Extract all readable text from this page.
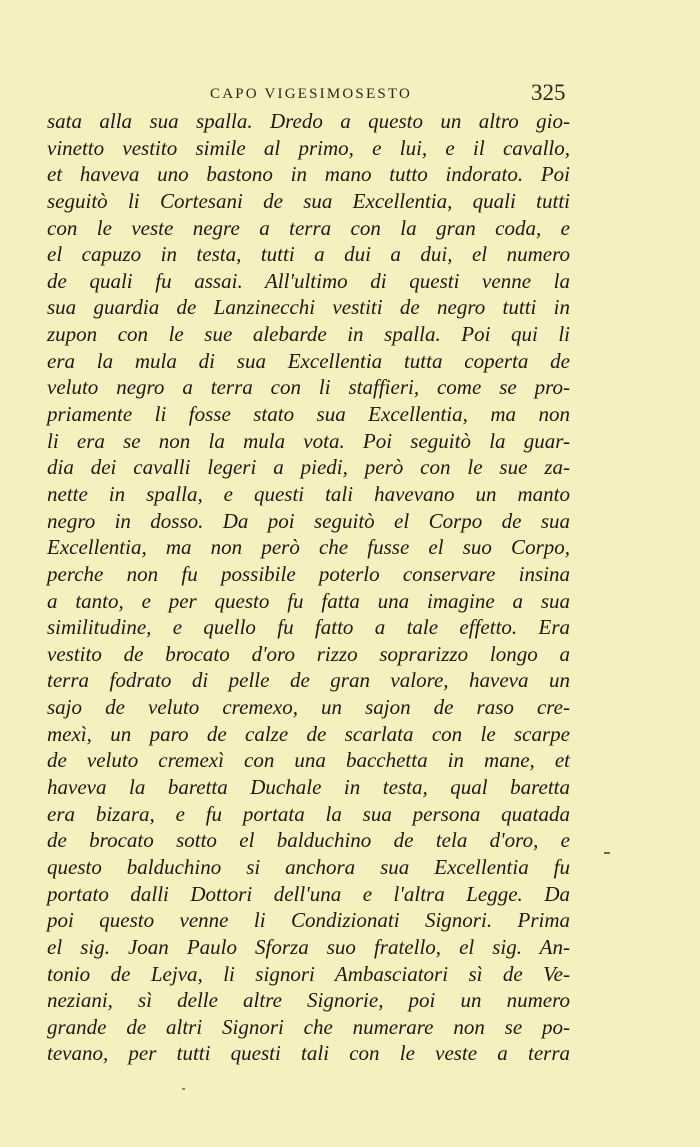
CAPO VIGESIMOSESTO	325
sata alla sua spalla. Dredo a questo un altro gio-
vinetto vestito simile al primo, e lui, e il cavallo,
et haveva uno bastono in mano tutto indorato. Poi
seguitò li Cortesani de sua Excellentia, quali tutti
con le veste negre a terra con la gran coda, e
el capuzo in testa, tutti a dui a dui, el numero
de quali fu assai. All'ultimo di questi venne la
sua guardia de Lanzinecchi vestiti de negro tutti in
zupon con le sue alebarde in spalla. Poi qui li
era la mula di sua Excellentia tutta coperta de
veluto negro a terra con li staffieri, come se pro-
priamente li fosse stato sua Excellentia, ma non
li era se non la mula vota. Poi seguitò la guar-
dia dei cavalli legeri a piedi, però con le sue za-
nette in spalla, e questi tali havevano un manto
negro in dosso. Da poi seguitò el Corpo de sua
Excellentia, ma non però che fusse el suo Corpo,
perche non fu possibile poterlo conservare insina
a tanto, e per questo fu fatta una imagine a sua
similitudine, e quello fu fatto a tale effetto. Era
vestito de brocato d'oro rizzo soprarizzo longo a
terra fodrato di pelle de gran valore, haveva un
sajo de veluto cremexo, un sajon de raso cre-
mexì, un paro de calze de scarlata con le scarpe
de veluto cremexì con una bacchetta in mane, et
haveva la baretta Duchale in testa, qual baretta
era bizara, e fu portata la sua persona quatada
de brocato sotto el balduchino de tela d'oro, e
questo balduchino si anchora sua Excellentia fu
portato dalli Dottori dell'una e l'altra Legge. Da
poi questo venne li Condizionati Signori. Prima
el sig. Joan Paulo Sforza suo fratello, el sig. An-
tonio de Lejva, li signori Ambasciatori sì de Ve-
neziani, sì delle altre Signorie, poi un numero
grande de altri Signori che numerare non se po-
tevano, per tutti questi tali con le veste a terra
